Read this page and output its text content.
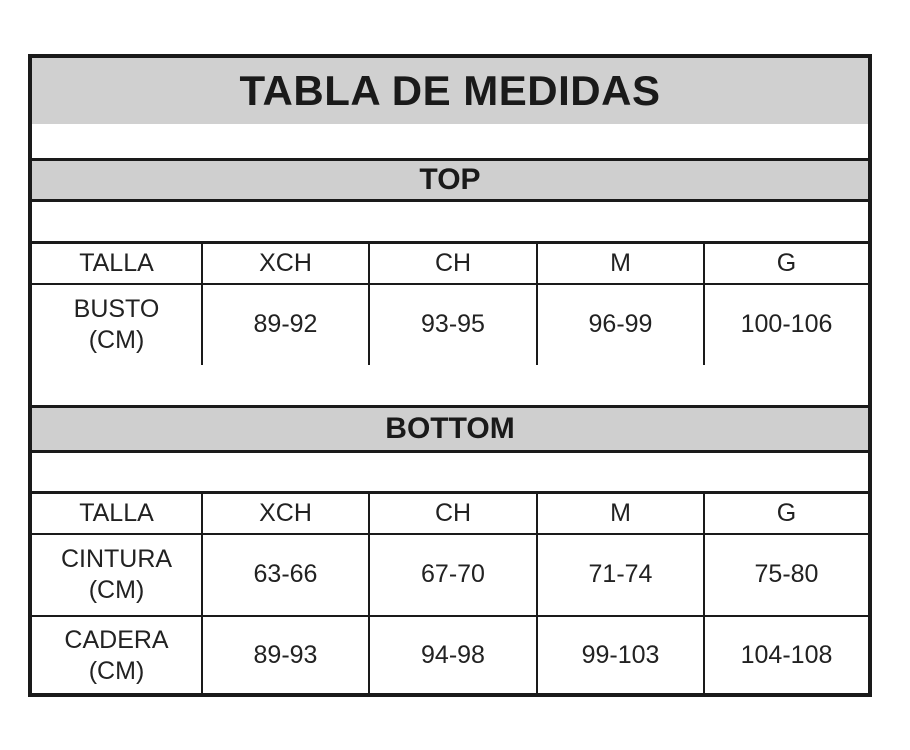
TABLA DE MEDIDAS
TOP
TALLA	XCH	CH	M	G

BUSTO
(CM)	89-92	93-95	96-99	100-106
BOTTOM
TALLA	XCH	CH	M	G

CINTURA
(CM)	63-66	67-70	71-74	75-80

CADERA
(CM)	89-93	94-98	99-103	104-108
